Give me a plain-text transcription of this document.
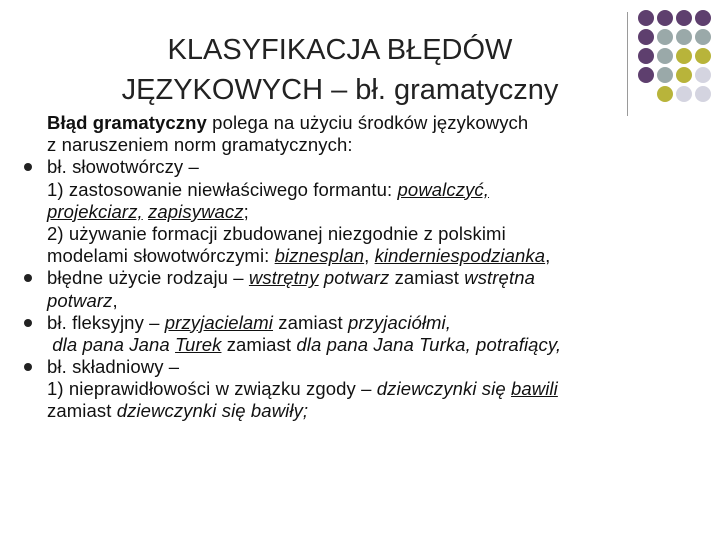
KLASYFIKACJA BŁĘDÓW
JĘZYKOWYCH – bł. gramatyczny
Błąd gramatyczny polega na użyciu środków językowych
z naruszeniem norm gramatycznych:
bł. słowotwórczy –
1) zastosowanie niewłaściwego formantu: powalczyć,
projekciarz, zapisywacz;
2) używanie formacji zbudowanej niezgodnie z polskimi
modelami słowotwórczymi: biznesplan, kinderniespodzianka,
błędne użycie rodzaju – wstrętny potwarz zamiast wstrętna
potwarz,
bł. fleksyjny – przyjacielami zamiast przyjaciółmi,
dla pana Jana Turek zamiast dla pana Jana Turka, potrafiący,
bł. składniowy –
1) nieprawidłowości w związku zgody – dziewczynki się bawili
zamiast dziewczynki się bawiły;
